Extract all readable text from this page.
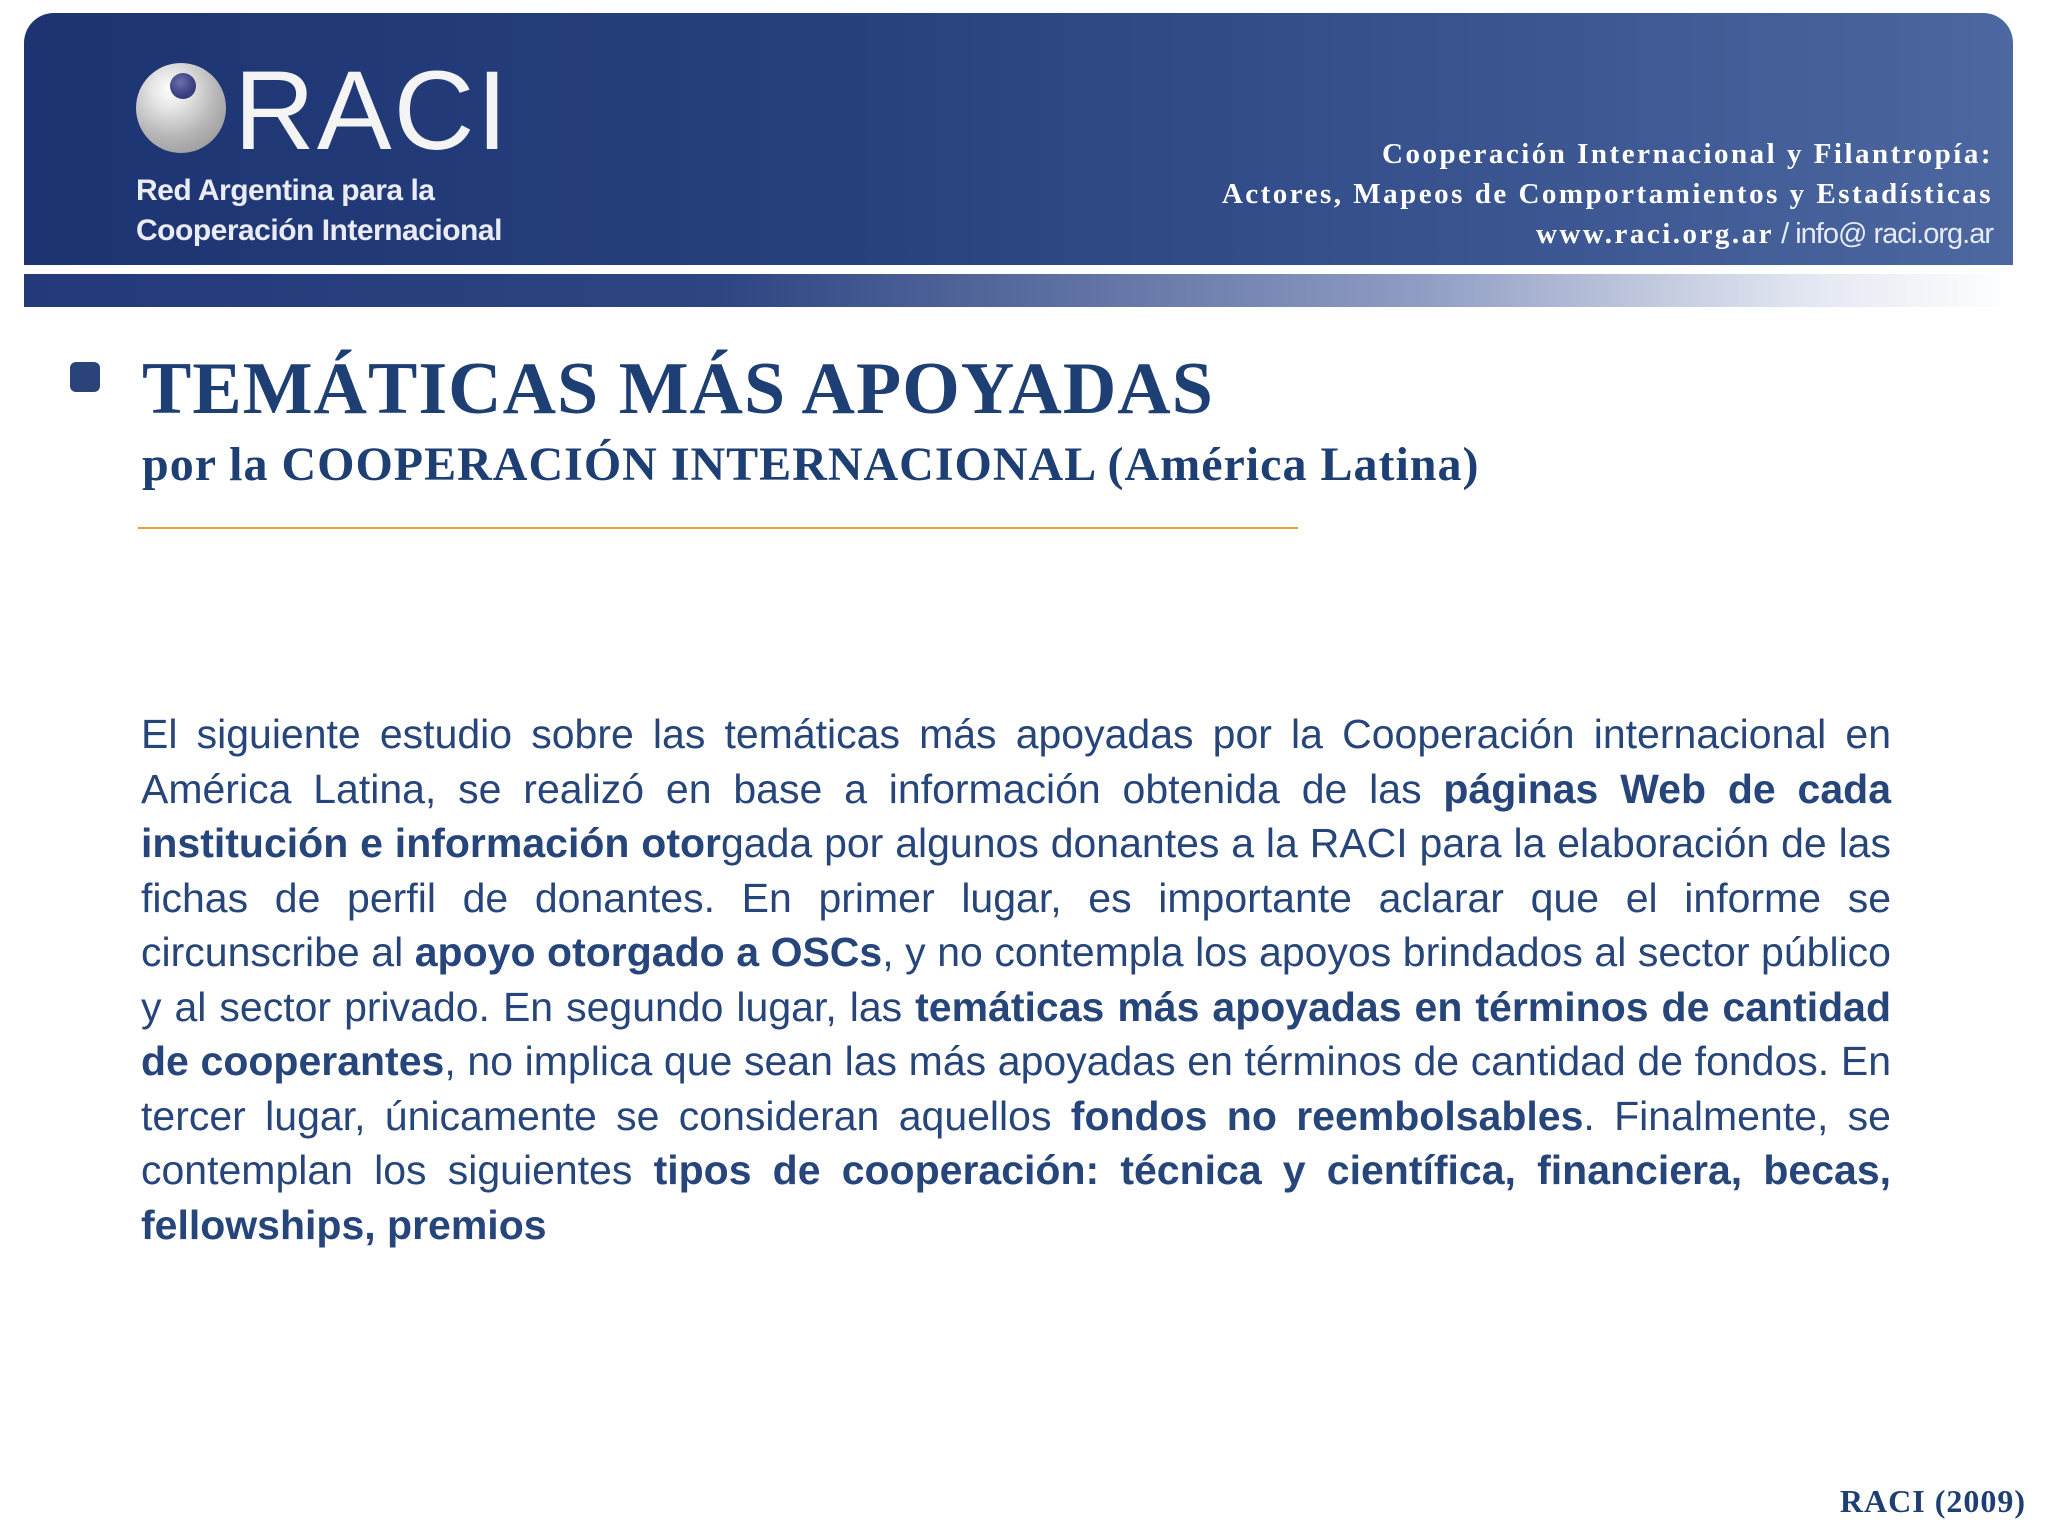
RACI
Red Argentina para la
Cooperación Internacional
Cooperación Internacional y Filantropía:
Actores, Mapeos de Comportamientos y Estadísticas
www.raci.org.ar / info@ raci.org.ar
TEMÁTICAS MÁS APOYADAS
por la COOPERACIÓN INTERNACIONAL (América Latina)

El siguiente estudio sobre las temáticas más apoyadas por la Cooperación internacional en América Latina, se realizó en base a información obtenida de las páginas Web de cada institución e información otorgada por algunos donantes a la RACI para la elaboración de las fichas de perfil de donantes. En primer lugar, es importante aclarar que el informe se circunscribe al apoyo otorgado a OSCs, y no contempla los apoyos brindados al sector público y al sector privado. En segundo lugar, las temáticas más apoyadas en términos de cantidad de cooperantes, no implica que sean las más apoyadas en términos de cantidad de fondos. En tercer lugar, únicamente se consideran aquellos fondos no reembolsables. Finalmente, se contemplan los siguientes tipos de cooperación: técnica y científica, financiera, becas, fellowships, premios

RACI (2009)
